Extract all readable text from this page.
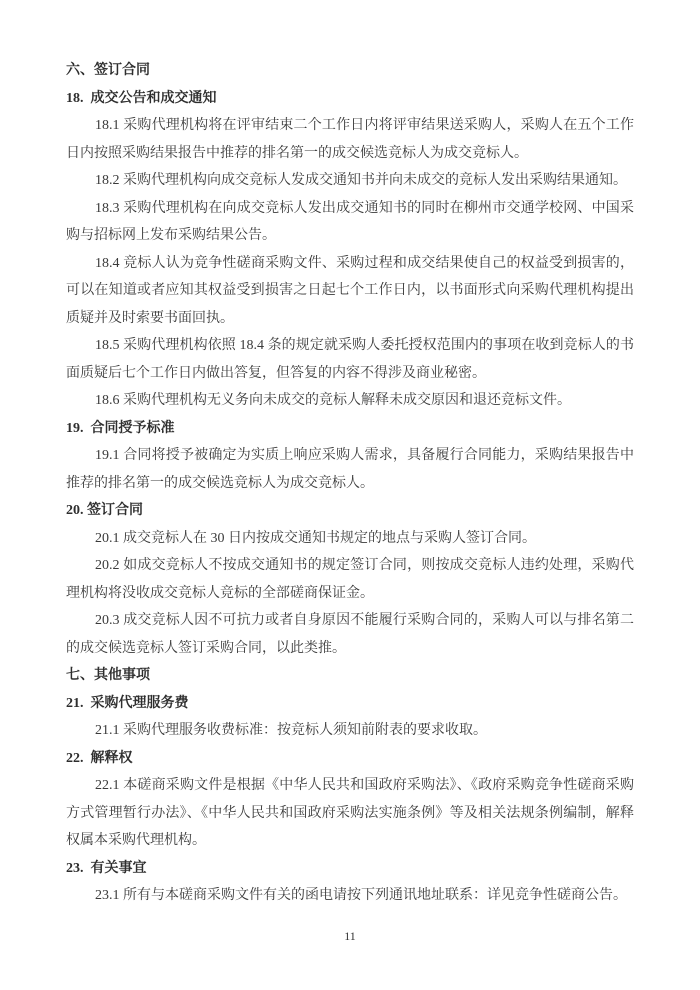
六、签订合同
18.  成交公告和成交通知
18.1 采购代理机构将在评审结束二个工作日内将评审结果送采购人，采购人在五个工作日内按照采购结果报告中推荐的排名第一的成交候选竞标人为成交竞标人。
18.2 采购代理机构向成交竞标人发成交通知书并向未成交的竞标人发出采购结果通知。
18.3 采购代理机构在向成交竞标人发出成交通知书的同时在柳州市交通学校网、中国采购与招标网上发布采购结果公告。
18.4 竞标人认为竞争性磋商采购文件、采购过程和成交结果使自己的权益受到损害的，可以在知道或者应知其权益受到损害之日起七个工作日内，以书面形式向采购代理机构提出质疑并及时索要书面回执。
18.5 采购代理机构依照 18.4 条的规定就采购人委托授权范围内的事项在收到竞标人的书面质疑后七个工作日内做出答复，但答复的内容不得涉及商业秘密。
18.6 采购代理机构无义务向未成交的竞标人解释未成交原因和退还竞标文件。
19.  合同授予标准
19.1 合同将授予被确定为实质上响应采购人需求，具备履行合同能力，采购结果报告中推荐的排名第一的成交候选竞标人为成交竞标人。
20. 签订合同
20.1 成交竞标人在 30 日内按成交通知书规定的地点与采购人签订合同。
20.2 如成交竞标人不按成交通知书的规定签订合同，则按成交竞标人违约处理，采购代理机构将没收成交竞标人竞标的全部磋商保证金。
20.3 成交竞标人因不可抗力或者自身原因不能履行采购合同的，采购人可以与排名第二的成交候选竞标人签订采购合同，以此类推。
七、其他事项
21.  采购代理服务费
21.1 采购代理服务收费标准：按竞标人须知前附表的要求收取。
22.  解释权
22.1 本磋商采购文件是根据《中华人民共和国政府采购法》、《政府采购竞争性磋商采购方式管理暂行办法》、《中华人民共和国政府采购法实施条例》等及相关法规条例编制，解释权属本采购代理机构。
23.  有关事宜
23.1 所有与本磋商采购文件有关的函电请按下列通讯地址联系：详见竞争性磋商公告。
11
